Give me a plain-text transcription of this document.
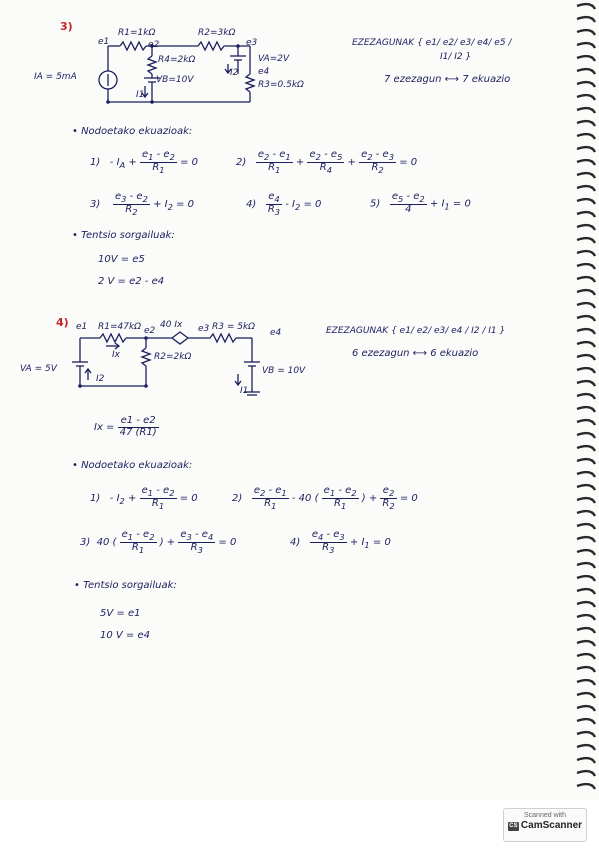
3)
e1	e2	e3
e4
R1=1kΩ	R2=3kΩ
R4=2kΩ
R3=0.5kΩ
IA = 5mA
I1
I2
VB=10V
VA=2V
EZEZAGUNAK { e1/ e2/ e3/ e4/ e5 /
I1/ I2 }
7 ezezagun ⟷ 7 ekuazio
• Nodoetako ekuazioak:
$1) - I_A + \frac{e_1 - e_2}{R_1} = 0$	$2) \frac{e_2 - e_1}{R_1} + \frac{e_2 - e_5}{R_4} + \frac{e_2 - e_3}{R_2} = 0$
$3) \frac{e_3 - e_2}{R_2} + I_2 = 0$	$4) \frac{e_4}{R_3} - I_2 = 0$	$5) \frac{e_5 - e_2}{4} + I_1 = 0$
• Tentsio sorgailuak:
10V = e5
2 V = e2 - e4
4) e1	e2	e3	e4
R1=47kΩ 40 Ix	R3 = 5kΩ
R2=2kΩ
Ix
I2
I1
VA = 5V	VB = 10V
EZEZAGUNAK { e1/ e2/ e3/ e4 / I2 / I1 }
6 ezezagun ⟷ 6 ekuazio
$Ix = \frac{e1 - e2}{47 (R1)}$
• Nodoetako ekuazioak:
$1) - I_2 + \frac{e_1 - e_2}{R_1} = 0$	$2) \frac{e_2 - e_1}{R_1} - 40$ ( $\frac{e_1 - e_2}{R_1}$ ) + $\frac{e_2}{R_2} = 0$
3)  40 ( $\frac{e_1 - e_2}{R_1}$ ) + $\frac{e_3 - e_4}{R_3} = 0$	$4) \frac{e_4 - e_3}{R_3} + I_1 = 0$
• Tentsio sorgailuak:
5V = e1
10 V = e4
Scanned with
CS CamScanner
